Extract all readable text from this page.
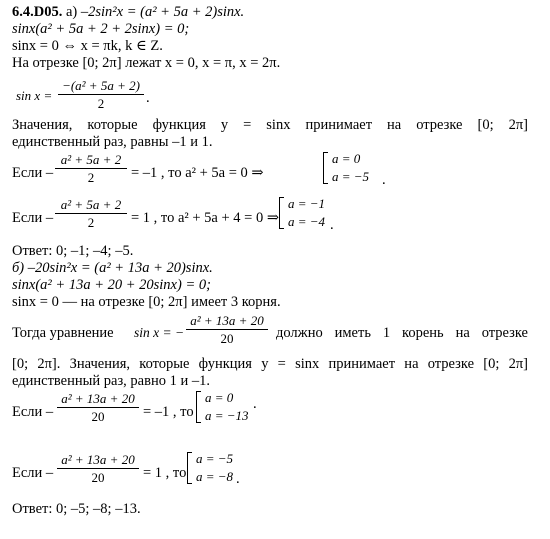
6.4.D05. а) –2sin²x = (a² + 5a + 2)sinx.
sinx(a² + 5a + 2 + 2sinx) = 0;
sinx = 0 ⇔ x = πk, k ∈ Z.
На отрезке [0; 2π] лежат x = 0, x = π, x = 2π.
sin x =
−(a² + 5a + 2)
2	.
Значения, которые функция у = sinx принимает на отрезке [0; 2π]
единственный раз, равны –1 и 1.
Если –
a² + 5a + 2
2	= –1 , то a² + 5a = 0 ⇒
a = 0
a = −5 .
Если –
a² + 5a + 2
2	= 1 , то a² + 5a + 4 = 0 ⇒
a = −1
a = −4 .
Ответ: 0; –1; –4; –5.
б) –20sin²x = (a² + 13a + 20)sinx.
sinx(a² + 13a + 20 + 20sinx) = 0;
sinx = 0 — на отрезке [0; 2π] имеет 3 корня.
Тогда уравнение sin x = −
a² + 13a + 20
20	должно иметь 1 корень на отрезке
[0; 2π]. Значения, которые функция у = sinx принимает на отрезке [0; 2π]
единственный раз, равно 1 и –1.
Если –
a² + 13a + 20
20	= –1 , то
a = 0
a = −13
.
Если –
a² + 13a + 20
20	= 1 , то
a = −5
a = −8 .
Ответ: 0; –5; –8; –13.
